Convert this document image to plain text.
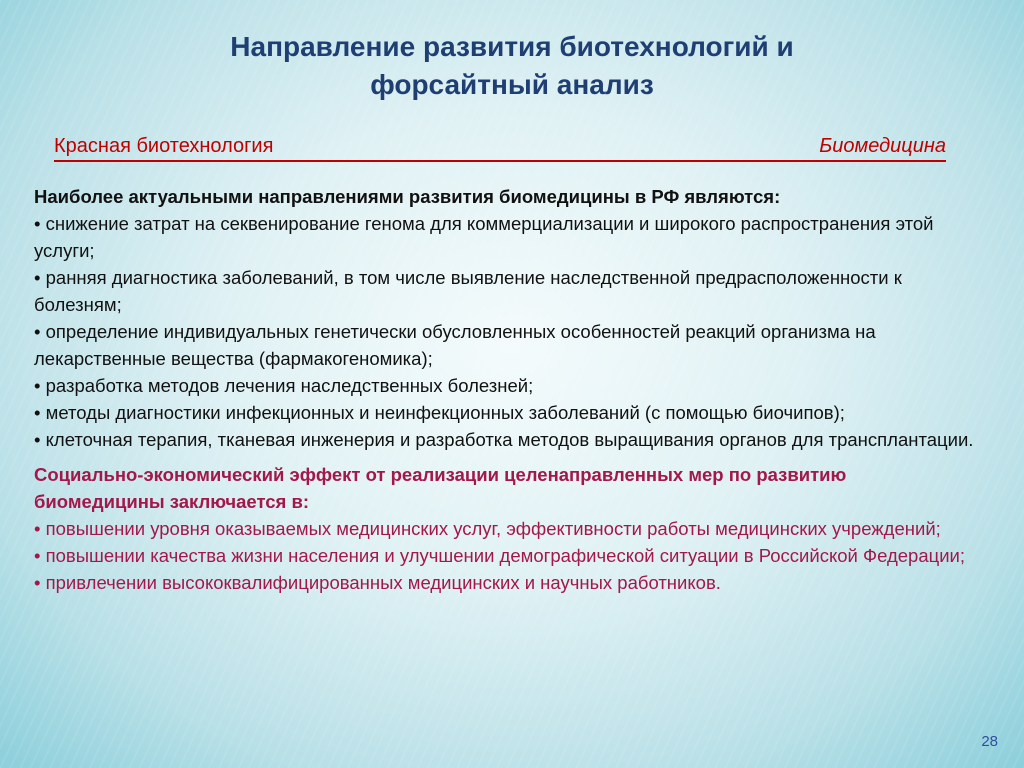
Направление развития биотехнологий и
форсайтный анализ
Красная биотехнология	Биомедицина

Наиболее актуальными направлениями развития биомедицины в РФ являются:

• снижение затрат на секвенирование генома для коммерциализации и широкого распространения этой услуги;

• ранняя диагностика заболеваний, в том числе выявление наследственной предрасположенности к болезням;

• определение индивидуальных генетически обусловленных особенностей реакций организма на лекарственные вещества (фармакогеномика);

• разработка методов лечения наследственных болезней;

• методы диагностики инфекционных и неинфекционных заболеваний (с помощью биочипов);

• клеточная терапия, тканевая инженерия и разработка методов выращивания органов для трансплантации.

Социально-экономический эффект от реализации целенаправленных мер по развитию биомедицины заключается в:

• повышении уровня оказываемых медицинских услуг, эффективности работы медицинских учреждений;

• повышении качества жизни населения и улучшении демографической ситуации в Российской Федерации;

• привлечении высококвалифицированных медицинских и научных работников.

28
